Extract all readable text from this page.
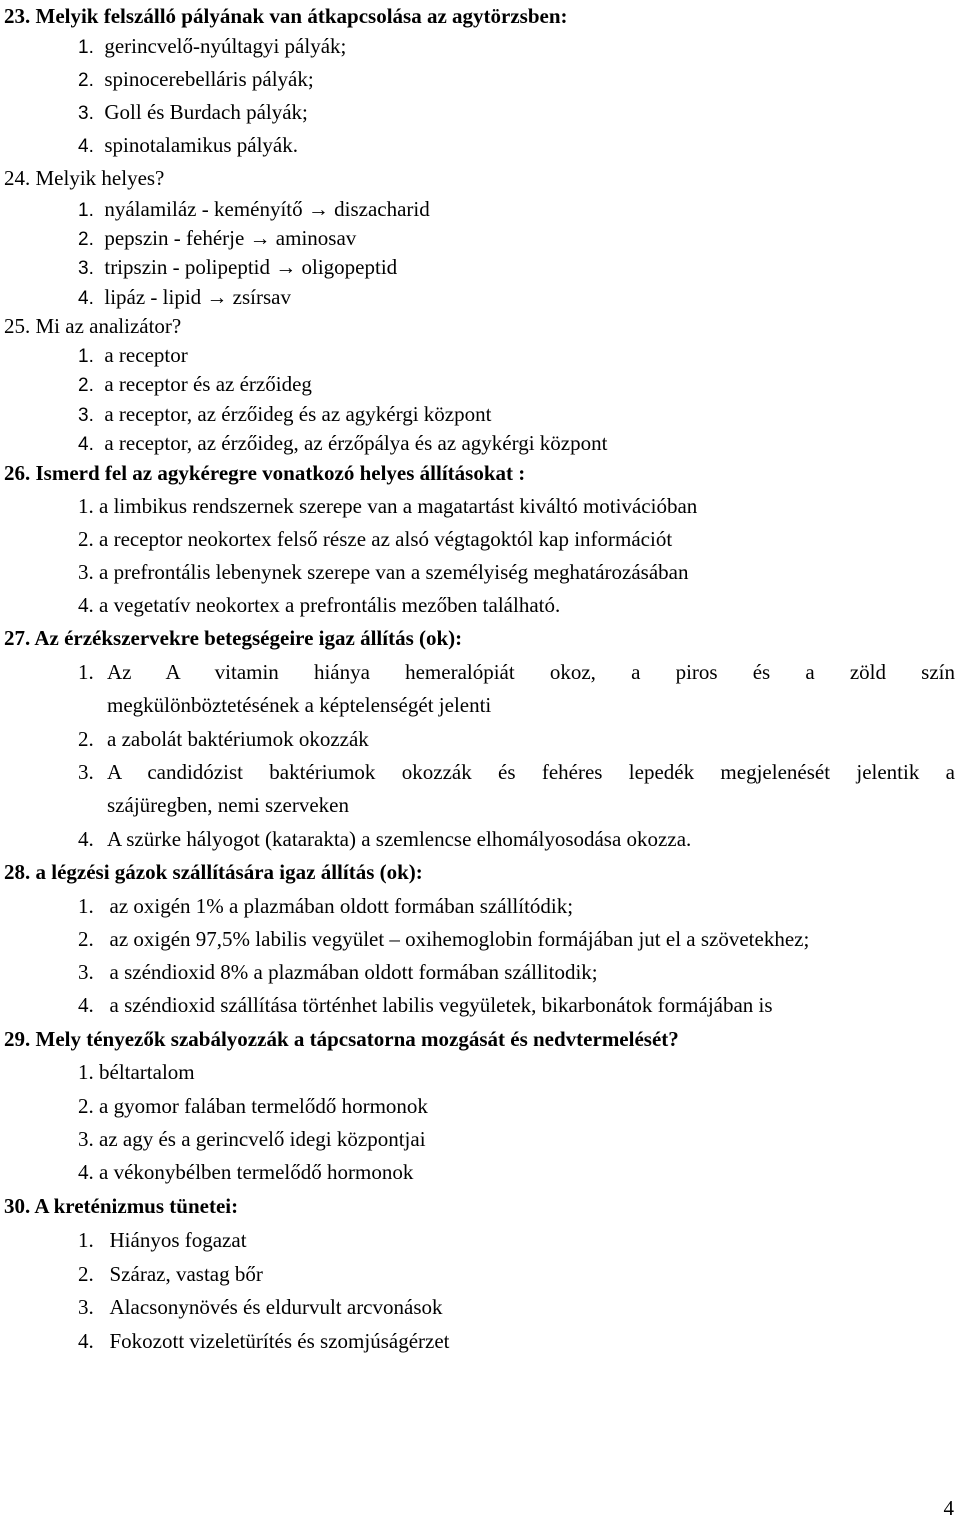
23. Melyik felszálló pályának van átkapcsolása az agytörzsben:
1. gerincvelő-nyúltagyi pályák;
2. spinocerebelláris pályák;
3. Goll és Burdach pályák;
4. spinotalamikus pályák.
24. Melyik helyes?
1. nyálamiláz - keményítő → diszacharid
2. pepszin - fehérje → aminosav
3. tripszin - polipeptid → oligopeptid
4. lipáz - lipid → zsírsav
25. Mi az analizátor?
1. a receptor
2. a receptor és az érzőideg
3. a receptor, az érzőideg és az agykérgi központ
4. a receptor, az érzőideg, az érzőpálya és az agykérgi központ
26. Ismerd fel az agykéregre vonatkozó helyes állításokat :
1. a limbikus rendszernek szerepe van a magatartást kiváltó motivációban
2. a receptor neokortex felső része az alsó végtagoktól kap információt
3. a prefrontális lebenynek szerepe van a személyiség meghatározásában
4. a vegetatív neokortex a prefrontális mezőben található.
27. Az érzékszervekre betegségeire igaz állítás (ok):
1. Az A vitamin hiánya hemeralópiát okoz, a piros és a zöld szín
megkülönböztetésének a képtelenségét jelenti
2. a zabolát baktériumok okozzák
3. A candidózist baktériumok okozzák és fehéres lepedék megjelenését jelentik a
szájüregben, nemi szerveken
4. A szürke hályogot (katarakta) a szemlencse elhomályosodása okozza.
28. a légzési gázok szállítására igaz állítás (ok):
1. az oxigén 1% a plazmában oldott formában szállítódik;
2. az oxigén 97,5% labilis vegyület – oxihemoglobin formájában jut el a szövetekhez;
3. a széndioxid 8% a plazmában oldott formában szállitodik;
4. a széndioxid szállítása történhet labilis vegyületek, bikarbonátok formájában is
29. Mely tényezők szabályozzák a tápcsatorna mozgását és nedvtermelését?
1. béltartalom
2. a gyomor falában termelődő hormonok
3. az agy és a gerincvelő idegi központjai
4. a vékonybélben termelődő hormonok
30. A kreténizmus tünetei:
1. Hiányos fogazat
2. Száraz, vastag bőr
3. Alacsonynövés és eldurvult arcvonások
4. Fokozott vizeletürítés és szomjúságérzet
4
